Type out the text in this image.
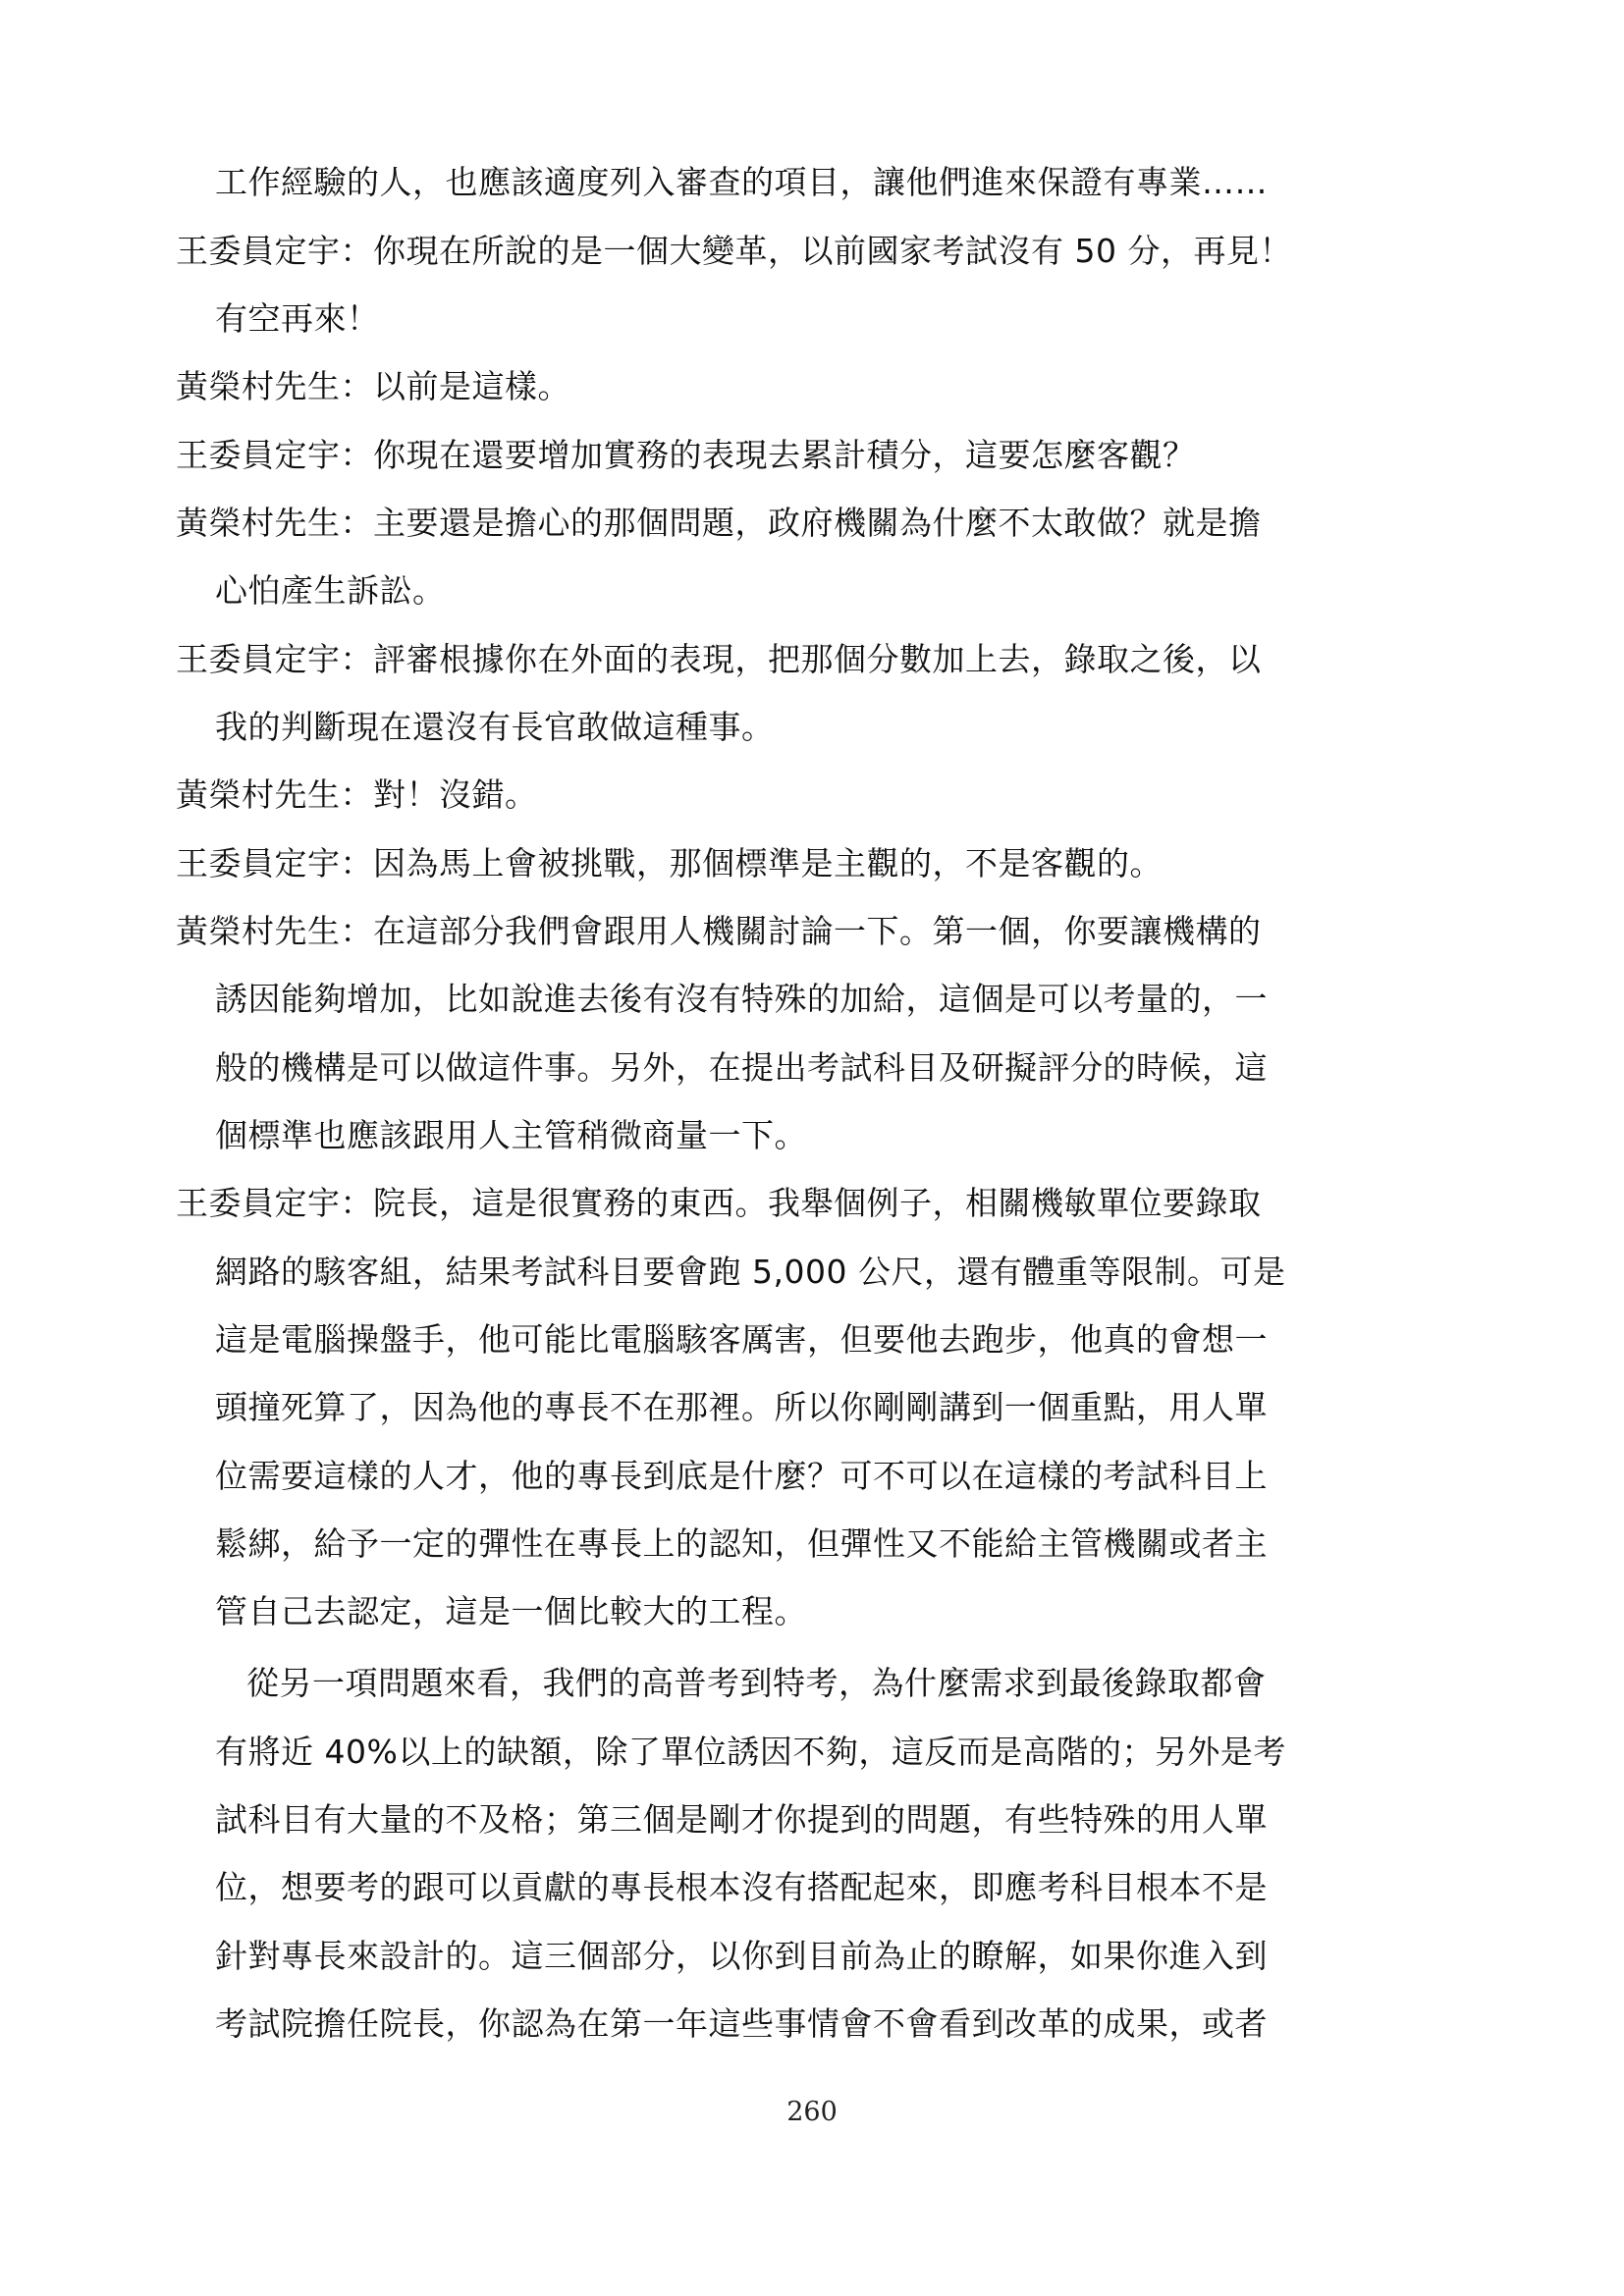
工作經驗的人，也應該適度列入審查的項目，讓他們進來保證有專業……
王委員定宇：你現在所說的是一個大變革，以前國家考試沒有 50 分，再見！
有空再來！
黃榮村先生：以前是這樣。
王委員定宇：你現在還要增加實務的表現去累計積分，這要怎麼客觀？
黃榮村先生：主要還是擔心的那個問題，政府機關為什麼不太敢做？就是擔
心怕產生訴訟。
王委員定宇：評審根據你在外面的表現，把那個分數加上去，錄取之後，以
我的判斷現在還沒有長官敢做這種事。
黃榮村先生：對！沒錯。
王委員定宇：因為馬上會被挑戰，那個標準是主觀的，不是客觀的。
黃榮村先生：在這部分我們會跟用人機關討論一下。第一個，你要讓機構的
誘因能夠增加，比如說進去後有沒有特殊的加給，這個是可以考量的，一
般的機構是可以做這件事。另外，在提出考試科目及研擬評分的時候，這
個標準也應該跟用人主管稍微商量一下。
王委員定宇：院長，這是很實務的東西。我舉個例子，相關機敏單位要錄取
網路的駭客組，結果考試科目要會跑 5,000 公尺，還有體重等限制。可是
這是電腦操盤手，他可能比電腦駭客厲害，但要他去跑步，他真的會想一
頭撞死算了，因為他的專長不在那裡。所以你剛剛講到一個重點，用人單
位需要這樣的人才，他的專長到底是什麼？可不可以在這樣的考試科目上
鬆綁，給予一定的彈性在專長上的認知，但彈性又不能給主管機關或者主
管自己去認定，這是一個比較大的工程。
從另一項問題來看，我們的高普考到特考，為什麼需求到最後錄取都會
有將近 40%以上的缺額，除了單位誘因不夠，這反而是高階的；另外是考
試科目有大量的不及格；第三個是剛才你提到的問題，有些特殊的用人單
位，想要考的跟可以貢獻的專長根本沒有搭配起來，即應考科目根本不是
針對專長來設計的。這三個部分，以你到目前為止的瞭解，如果你進入到
考試院擔任院長，你認為在第一年這些事情會不會看到改革的成果，或者
260
